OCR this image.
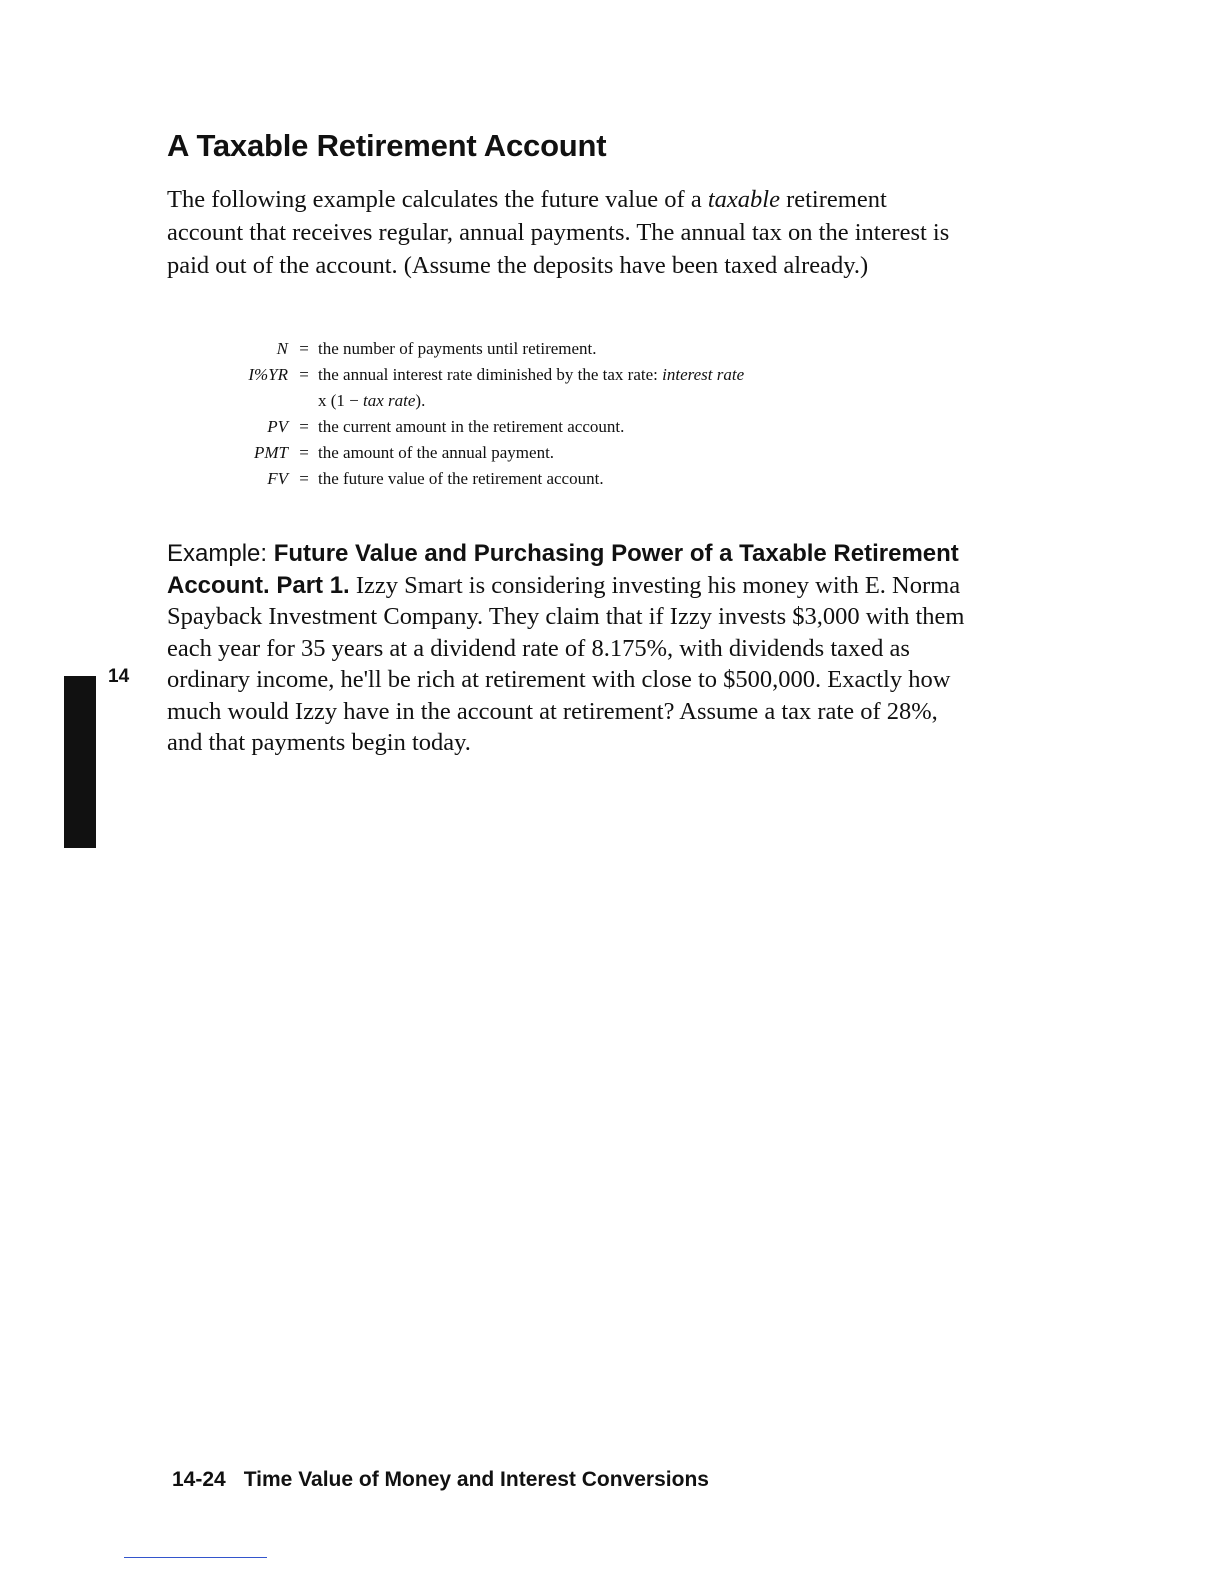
A Taxable Retirement Account

The following example calculates the future value of a taxable retirement account that receives regular, annual payments. The annual tax on the interest is paid out of the account. (Assume the deposits have been taxed already.)

N = the number of payments until retirement.
I%YR = the annual interest rate diminished by the tax rate: interest rate
x (1 − tax rate).
PV = the current amount in the retirement account.
PMT = the amount of the annual payment.
FV = the future value of the retirement account.

Example: Future Value and Purchasing Power of a Taxable Retirement Account. Part 1. Izzy Smart is considering investing his money with E. Norma Spayback Investment Company. They claim that if Izzy invests $3,000 with them each year for 35 years at a dividend rate of 8.175%, with dividends taxed as ordinary income, he'll be rich at retirement with close to $500,000. Exactly how much would Izzy have in the account at retirement? Assume a tax rate of 28%, and that payments begin today.

14
14-24 Time Value of Money and Interest Conversions
